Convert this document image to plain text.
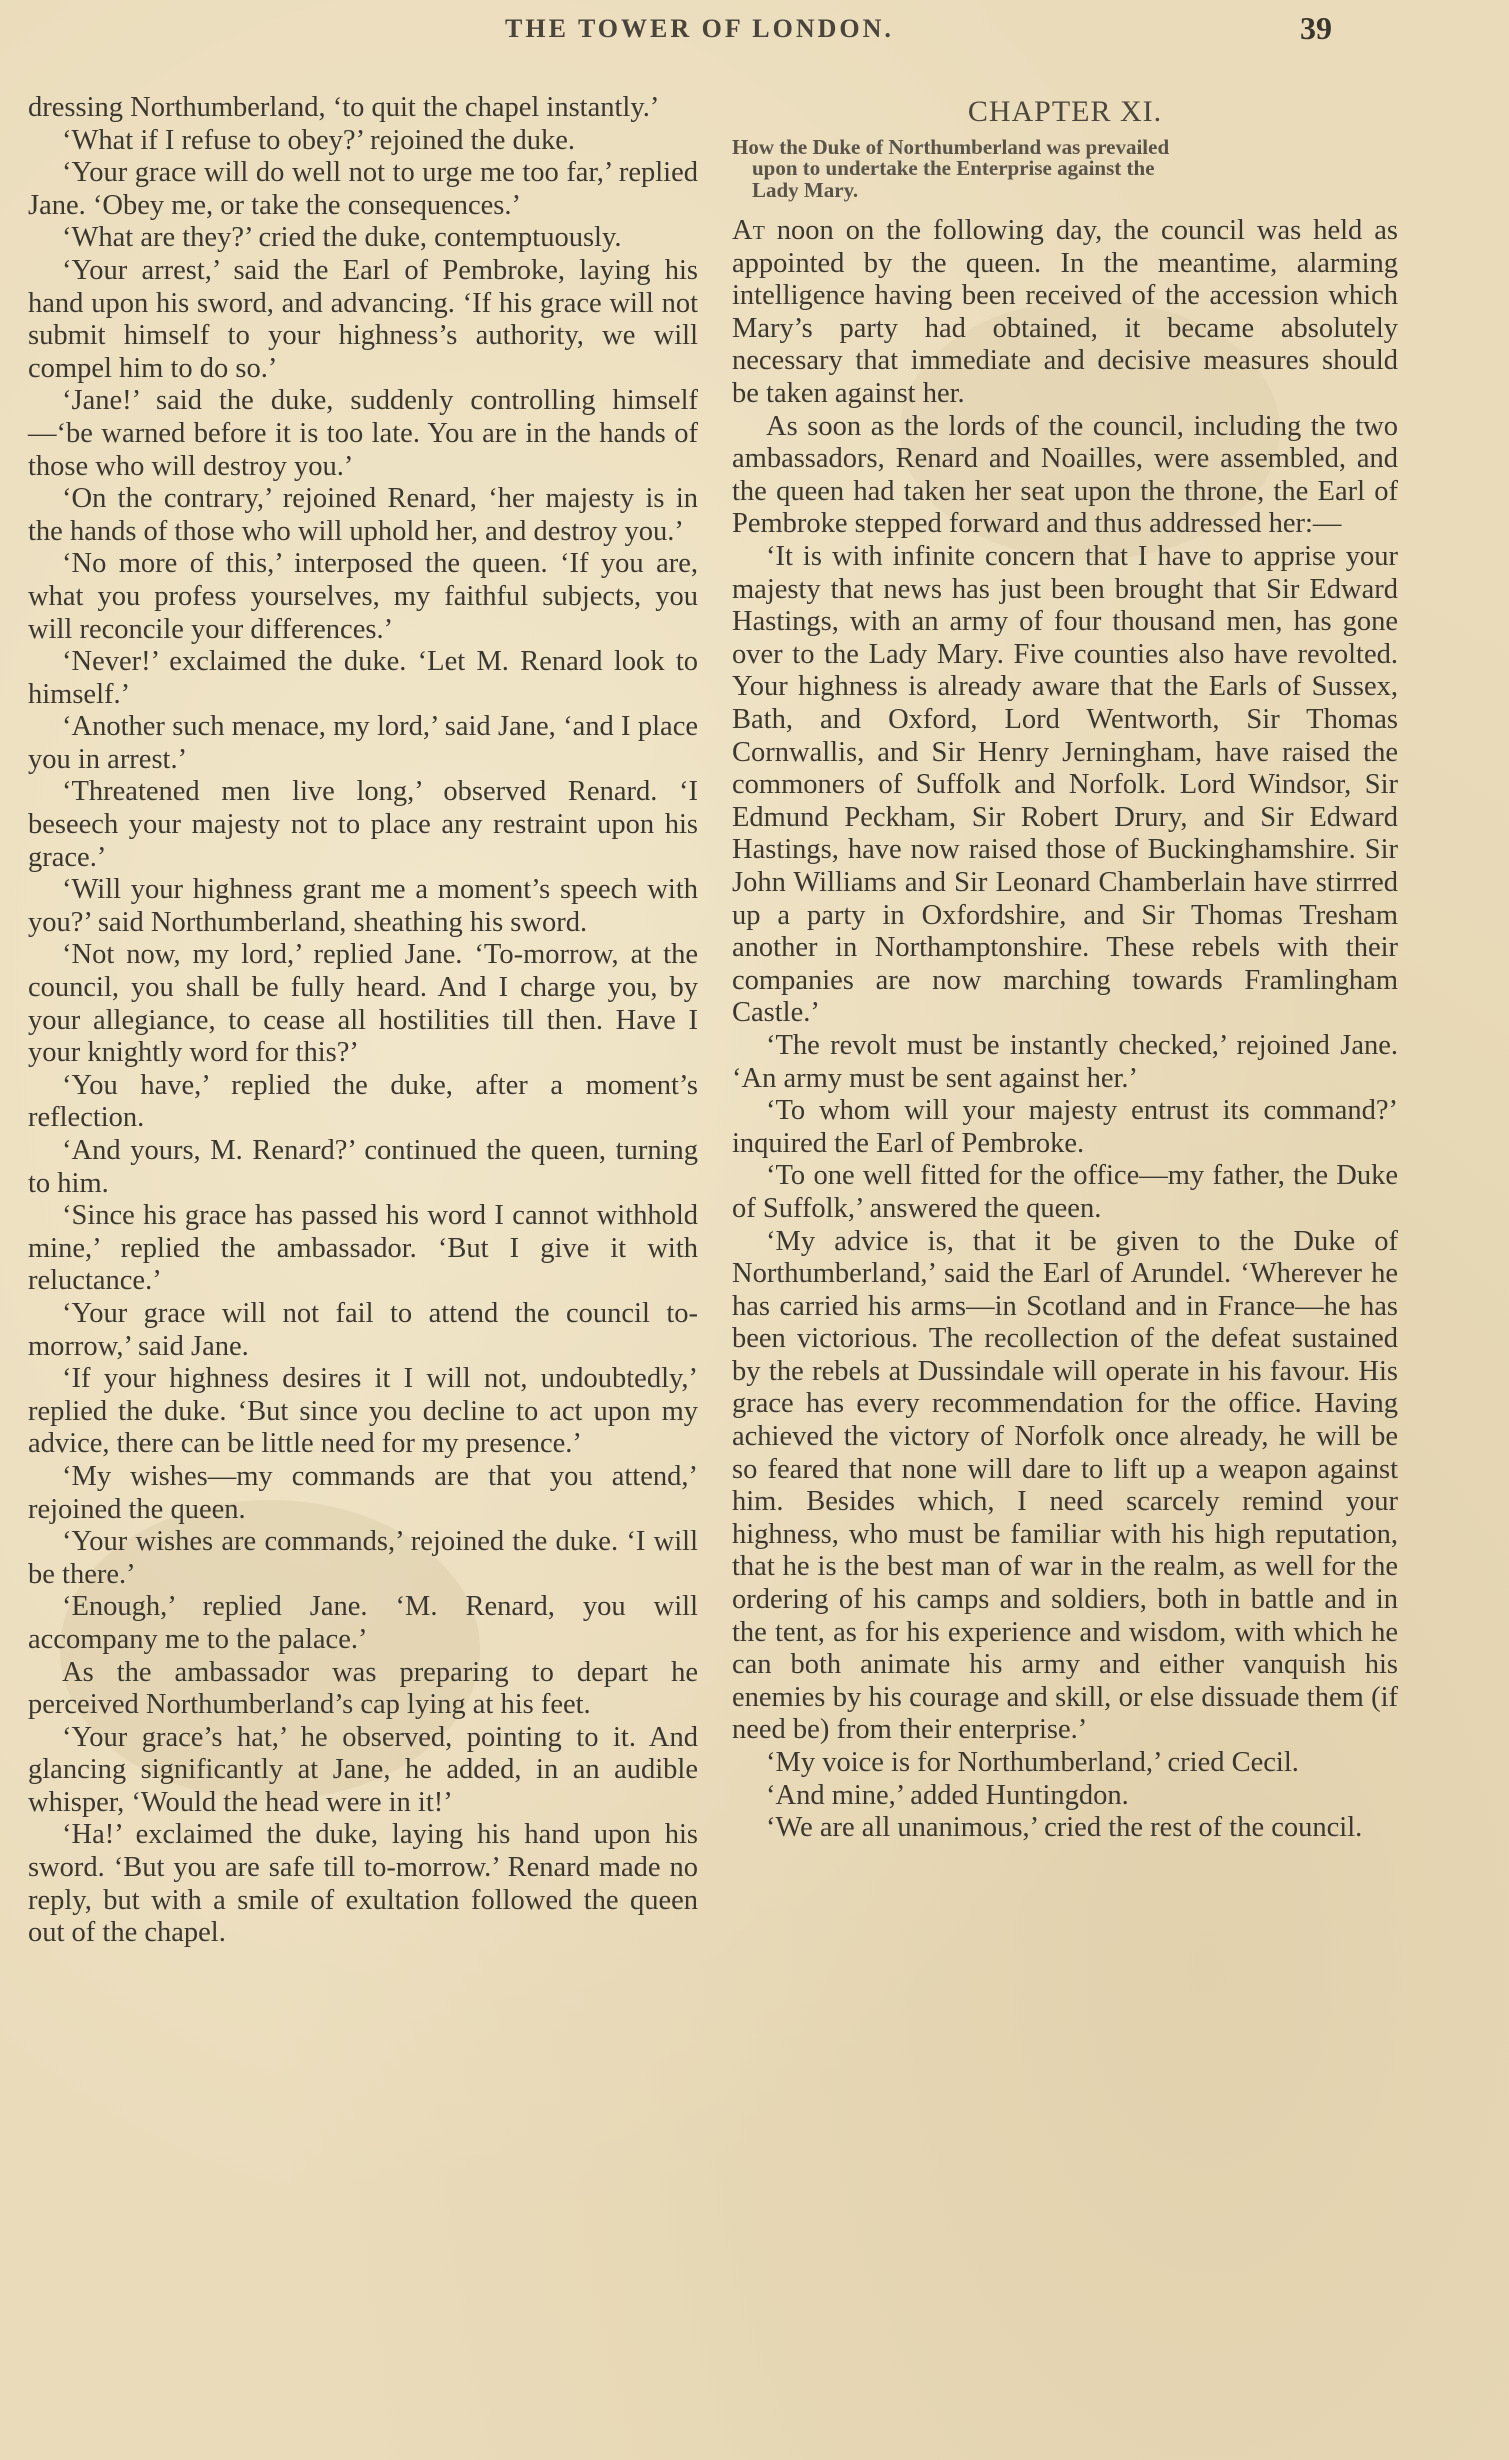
THE TOWER OF LONDON.	39

dressing Northumberland, ‘to quit the chapel instantly.’

‘What if I refuse to obey?’ rejoined the duke.

‘Your grace will do well not to urge me too far,’ replied Jane. ‘Obey me, or take the consequences.’

‘What are they?’ cried the duke, contemptuously.

‘Your arrest,’ said the Earl of Pembroke, laying his hand upon his sword, and advancing. ‘If his grace will not submit himself to your highness’s authority, we will compel him to do so.’

‘Jane!’ said the duke, suddenly controlling himself—‘be warned before it is too late. You are in the hands of those who will destroy you.’

‘On the contrary,’ rejoined Renard, ‘her majesty is in the hands of those who will uphold her, and destroy you.’

‘No more of this,’ interposed the queen. ‘If you are, what you profess yourselves, my faithful subjects, you will reconcile your differences.’

‘Never!’ exclaimed the duke. ‘Let M. Renard look to himself.’

‘Another such menace, my lord,’ said Jane, ‘and I place you in arrest.’

‘Threatened men live long,’ observed Renard. ‘I beseech your majesty not to place any restraint upon his grace.’

‘Will your highness grant me a moment’s speech with you?’ said Northumberland, sheathing his sword.

‘Not now, my lord,’ replied Jane. ‘To-morrow, at the council, you shall be fully heard. And I charge you, by your allegiance, to cease all hostilities till then. Have I your knightly word for this?’

‘You have,’ replied the duke, after a moment’s reflection.

‘And yours, M. Renard?’ continued the queen, turning to him.

‘Since his grace has passed his word I cannot withhold mine,’ replied the ambassador. ‘But I give it with reluctance.’

‘Your grace will not fail to attend the council to-morrow,’ said Jane.

‘If your highness desires it I will not, undoubtedly,’ replied the duke. ‘But since you decline to act upon my advice, there can be little need for my presence.’

‘My wishes—my commands are that you attend,’ rejoined the queen.

‘Your wishes are commands,’ rejoined the duke. ‘I will be there.’

‘Enough,’ replied Jane. ‘M. Renard, you will accompany me to the palace.’

As the ambassador was preparing to depart he perceived Northumberland’s cap lying at his feet.

‘Your grace’s hat,’ he observed, pointing to it. And glancing significantly at Jane, he added, in an audible whisper, ‘Would the head were in it!’

‘Ha!’ exclaimed the duke, laying his hand upon his sword. ‘But you are safe till to-morrow.’ Renard made no reply, but with a smile of exultation followed the queen out of the chapel.

CHAPTER XI.
How the Duke of Northumberland was prevailed
upon to undertake the Enterprise against the
Lady Mary.

At noon on the following day, the council was held as appointed by the queen. In the meantime, alarming intelligence having been received of the accession which Mary’s party had obtained, it became absolutely necessary that immediate and decisive measures should be taken against her.

As soon as the lords of the council, including the two ambassadors, Renard and Noailles, were assembled, and the queen had taken her seat upon the throne, the Earl of Pembroke stepped forward and thus addressed her:—

‘It is with infinite concern that I have to apprise your majesty that news has just been brought that Sir Edward Hastings, with an army of four thousand men, has gone over to the Lady Mary. Five counties also have revolted. Your highness is already aware that the Earls of Sussex, Bath, and Oxford, Lord Wentworth, Sir Thomas Cornwallis, and Sir Henry Jerningham, have raised the commoners of Suffolk and Norfolk. Lord Windsor, Sir Edmund Peckham, Sir Robert Drury, and Sir Edward Hastings, have now raised those of Buckinghamshire. Sir John Williams and Sir Leonard Chamberlain have stirrred up a party in Oxfordshire, and Sir Thomas Tresham another in Northamptonshire. These rebels with their companies are now marching towards Framlingham Castle.’

‘The revolt must be instantly checked,’ rejoined Jane. ‘An army must be sent against her.’

‘To whom will your majesty entrust its command?’ inquired the Earl of Pembroke.

‘To one well fitted for the office—my father, the Duke of Suffolk,’ answered the queen.

‘My advice is, that it be given to the Duke of Northumberland,’ said the Earl of Arundel. ‘Wherever he has carried his arms—in Scotland and in France—he has been victorious. The recollection of the defeat sustained by the rebels at Dussindale will operate in his favour. His grace has every recommendation for the office. Having achieved the victory of Norfolk once already, he will be so feared that none will dare to lift up a weapon against him. Besides which, I need scarcely remind your highness, who must be familiar with his high reputation, that he is the best man of war in the realm, as well for the ordering of his camps and soldiers, both in battle and in the tent, as for his experience and wisdom, with which he can both animate his army and either vanquish his enemies by his courage and skill, or else dissuade them (if need be) from their enterprise.’

‘My voice is for Northumberland,’ cried Cecil.

‘And mine,’ added Huntingdon.

‘We are all unanimous,’ cried the rest of the council.
